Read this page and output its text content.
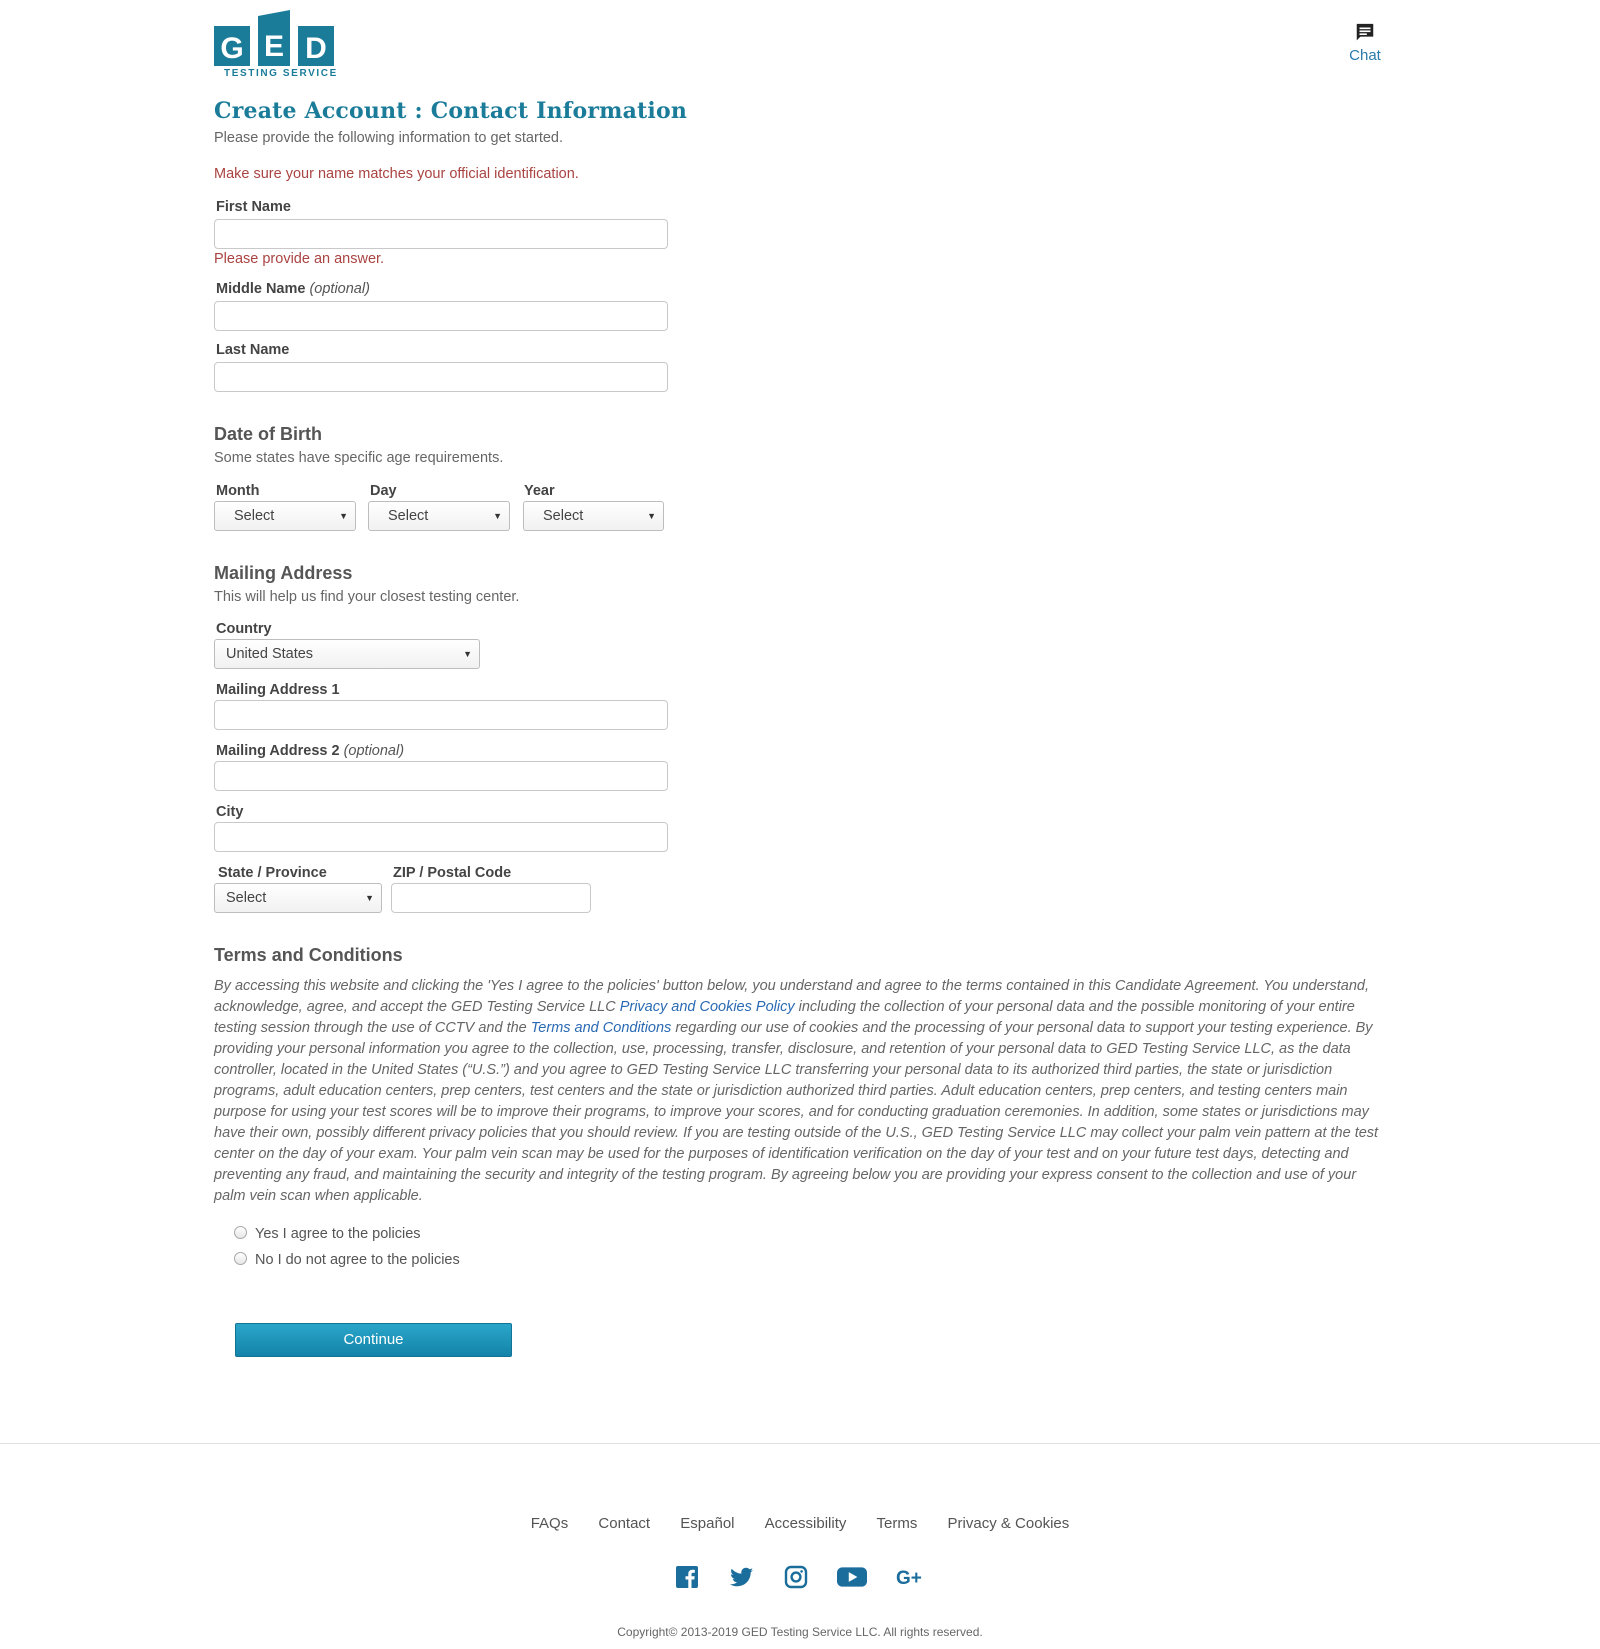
G E D
TESTING SERVICE
Chat
Create Account : Contact Information
Please provide the following information to get started.
Make sure your name matches your official identification.
First Name
Please provide an answer.
Middle Name (optional)
Last Name
Date of Birth
Some states have specific age requirements.
Month
Select	▼
Day
Select	▼
Year
Select	▼
Mailing Address
This will help us find your closest testing center.
Country
United States	▼
Mailing Address 1
Mailing Address 2 (optional)
City
State / Province
Select	▼
ZIP / Postal Code
Terms and Conditions
By accessing this website and clicking the 'Yes I agree to the policies' button below, you understand and agree to the terms contained in this Candidate Agreement. You understand, acknowledge, agree, and accept the GED Testing Service LLC Privacy and Cookies Policy including the collection of your personal data and the possible monitoring of your entire testing session through the use of CCTV and the Terms and Conditions regarding our use of cookies and the processing of your personal data to support your testing experience. By providing your personal information you agree to the collection, use, processing, transfer, disclosure, and retention of your personal data to GED Testing Service LLC, as the data controller, located in the United States (“U.S.”) and you agree to GED Testing Service LLC transferring your personal data to its authorized third parties, the state or jurisdiction programs, adult education centers, prep centers, test centers and the state or jurisdiction authorized third parties. Adult education centers, prep centers, and testing centers main purpose for using your test scores will be to improve their programs, to improve your scores, and for conducting graduation ceremonies. In addition, some states or jurisdictions may have their own, possibly different privacy policies that you should review. If you are testing outside of the U.S., GED Testing Service LLC may collect your palm vein pattern at the test center on the day of your exam. Your palm vein scan may be used for the purposes of identification verification on the day of your test and on your future test days, detecting and preventing any fraud, and maintaining the security and integrity of the testing program. By agreeing below you are providing your express consent to the collection and use of your palm vein scan when applicable.
Yes I agree to the policies
No I do not agree to the policies
Continue
FAQs Contact Español Accessibility Terms Privacy & Cookies

G+
Copyright© 2013-2019 GED Testing Service LLC. All rights reserved.
